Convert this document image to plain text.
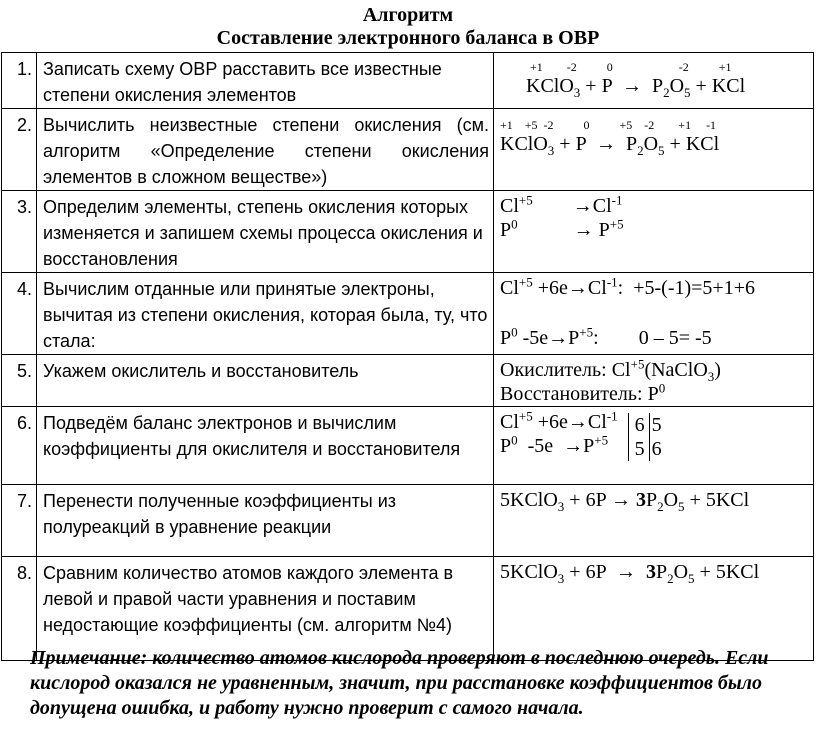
Алгоритм
Составление электронного баланса в ОВР
1.	Записать схему ОВР расставить все известные степени окисления элементов	+1        -2          0                      -2          +1
KClO$_3$ + $P \to P_2O_5$ + KCl

2.	Вычислить неизвестные степени окисления (см. алгоритм «Определение степени окисления элементов в сложном веществе»)	+1    +5  -2          0          +5    -2        +1     -1
KClO$_3$ + $P \to P_2O_5$ + KCl

3.	Определим элементы, степень окисления которых изменяется и запишем схемы процесса окисления и восстановления	$Cl^{+5} \to Cl^{-1}$
$P^0 \to P^{+5}$

4.	Вычислим отданные или принятые электроны, вычитая из степени окисления, которая была, ту, что стала:	$Cl^{+5} +6e\to Cl^{-1}$:  +5-(-1)=5+1+6
$P^0$ $-5e\to P^{+5}$:        0 – 5= -5

5.	Укажем окислитель и восстановитель	Окислитель: $Cl^{+5}(NaClO_3)$
Восстановитель: $P^0$

6.	Подведём баланс электронов и вычислим коэффициенты для окислителя и восстановителя	$Cl^{+5} +6e\to Cl^{-1}$
$P^0$  $-5e \to P^{+5}$
6 5
5 6

7.	Перенести полученные коэффициенты из полуреакций в уравнение реакции	5KClO$_3$ + $6P \to 3P_2O_5 + 5KCl$

8.	Сравним количество атомов каждого элемента в левой и правой части уравнения и поставим недостающие коэффициенты (см. алгоритм №4)	5KClO$_3$ + $6P \to 3P_2O_5 + 5KCl$
Примечание: количество атомов кислорода проверяют в последнюю очередь. Если кислород оказался не уравненным, значит, при расстановке коэффициентов было допущена ошибка, и работу нужно проверит с самого начала.
